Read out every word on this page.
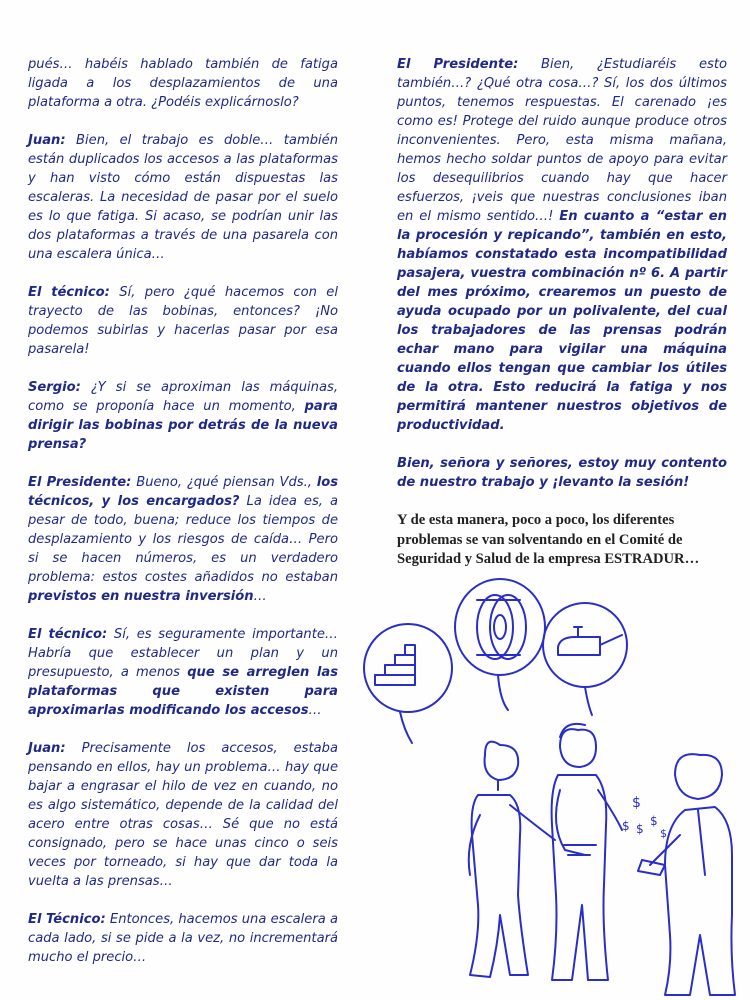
pués… habéis hablado también de fatiga ligada a los desplazamientos de una plataforma a otra. ¿Podéis explicárnoslo?

Juan: Bien, el trabajo es doble… también están duplicados los accesos a las plataformas y han visto cómo están dispuestas las escaleras. La necesidad de pasar por el suelo es lo que fatiga. Si acaso, se podrían unir las dos plataformas a través de una pasarela con una escalera única…

El técnico: Sí, pero ¿qué hacemos con el trayecto de las bobinas, entonces? ¡No podemos subirlas y hacerlas pasar por esa pasarela!

Sergio: ¿Y si se aproximan las máquinas, como se proponía hace un momento, para dirigir las bobinas por detrás de la nueva prensa?

El Presidente: Bueno, ¿qué piensan Vds., los técnicos, y los encargados? La idea es, a pesar de todo, buena; reduce los tiempos de desplazamiento y los riesgos de caída… Pero si se hacen números, es un verdadero problema: estos costes añadidos no estaban previstos en nuestra inversión…

El técnico: Sí, es seguramente importante… Habría que establecer un plan y un presupuesto, a menos que se arreglen las plataformas que existen para aproximarlas modificando los accesos…

Juan: Precisamente los accesos, estaba pensando en ellos, hay un problema… hay que bajar a engrasar el hilo de vez en cuando, no es algo sistemático, depende de la calidad del acero entre otras cosas… Sé que no está consignado, pero se hace unas cinco o seis veces por torneado, si hay que dar toda la vuelta a las prensas…

El Técnico: Entonces, hacemos una escalera a cada lado, si se pide a la vez, no incrementará mucho el precio…

El Presidente: Bien, ¿Estudiaréis esto también…? ¿Qué otra cosa…? Sí, los dos últimos puntos, tenemos respuestas. El carenado ¡es como es! Protege del ruido aunque produce otros inconvenientes. Pero, esta misma mañana, hemos hecho soldar puntos de apoyo para evitar los desequilibrios cuando hay que hacer esfuerzos, ¡veis que nuestras conclusiones iban en el mismo sentido…! En cuanto a “estar en la procesión y repicando”, también en esto, habíamos constatado esta incompatibilidad pasajera, vuestra combinación nº 6. A partir del mes próximo, crearemos un puesto de ayuda ocupado por un polivalente, del cual los trabajadores de las prensas podrán echar mano para vigilar una máquina cuando ellos tengan que cambiar los útiles de la otra. Esto reducirá la fatiga y nos permitirá mantener nuestros objetivos de productividad.

Bien, señora y señores, estoy muy contento de nuestro trabajo y ¡levanto la sesión!

Y de esta manera, poco a poco, los diferentes problemas se van solventando en el Comité de Seguridad y Salud de la empresa ESTRADUR…

$
$ $
$
$
